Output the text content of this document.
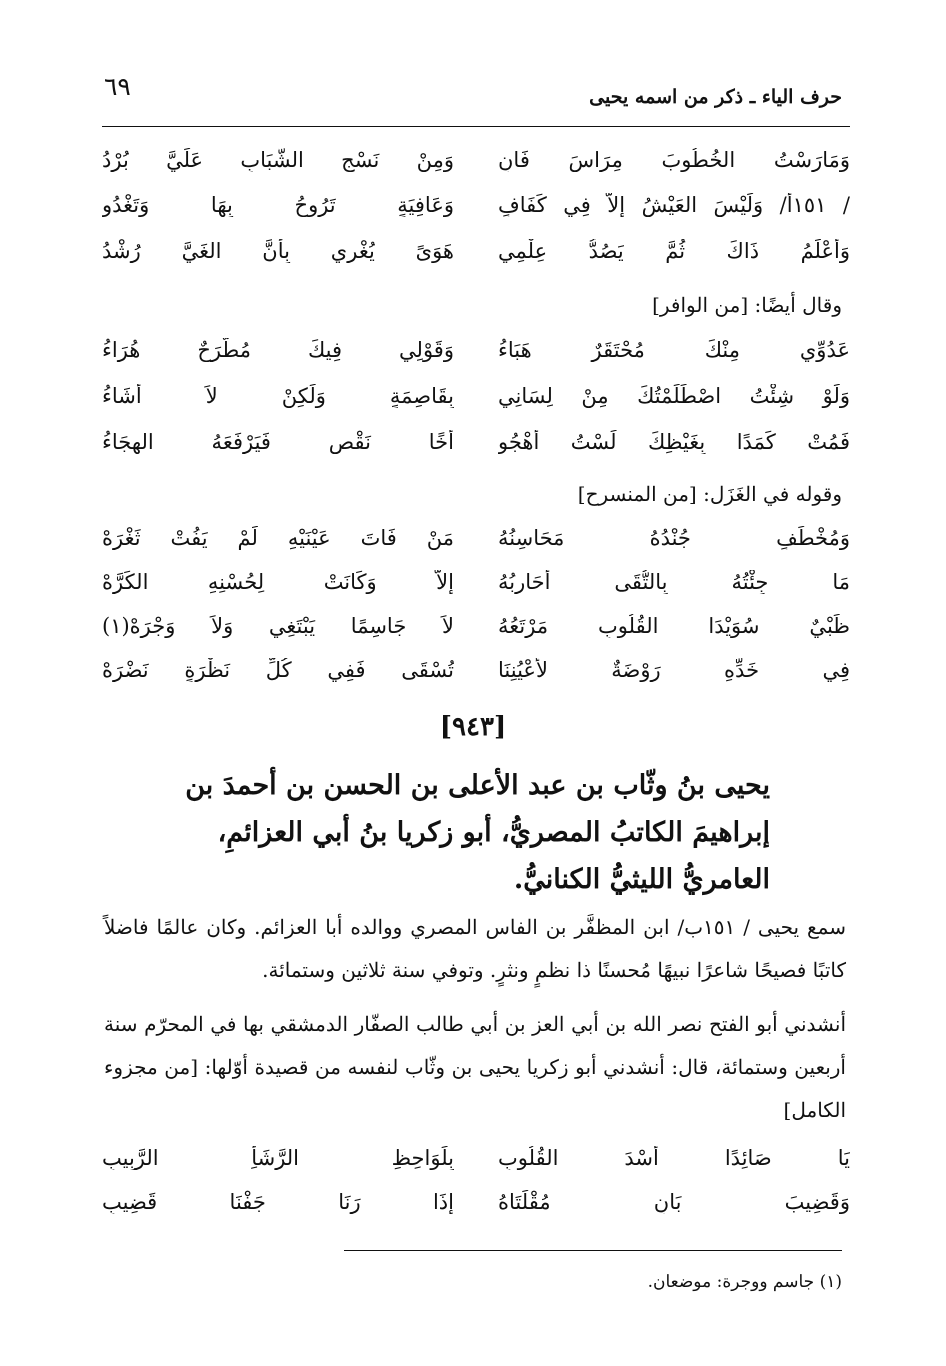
٦٩	حرف الياء ـ ذكر من اسمه يحيى
وَمَارَسْتُ الخُطُوبَ مِرَاسَ فَانٍ
وَمِنْ نَسْجِ الشَّبَابِ عَلَيَّ بُرْدُ
/ ١٥١أ/ وَلَيْسَ العَيْشُ إلاَّ فِي كَفَافٍ
وَعَافِيَةٍ تَرُوحُ بِهَا وَتَغْدُو
وَأَعْلَمُ ذَاكَ ثُمَّ يَصُدُّ عِلْمِي
هَوَىً يُغْرِي بِأَنَّ الغَيَّ رُشْدُ
وقال أيضًا: [من الوافر]
عَدُوِّي مِنْكَ مُحْتَقَرٌ هَبَاءُ
وَقَوْلِي فِيكَ مُطَّرَحٌ هُرَاءُ
وَلَوْ شِئْتُ اصْطَلَمْتُكَ مِنْ لِسَانِي
بِقَاصِمَةٍ وَلَكِنْ لاَ أَشَاءُ
فَمُتْ كَمَدًا بِغَيْظِكَ لَسْتُ أَهْجُو
أَخًا نَقْصٍ فَيَرْفَعَهُ الهِجَاءُ
وقوله في الغَزَل: [من المنسرح]
وَمُخْطَفٍ جُنْدُهُ مَحَاسِنُهُ
مَنْ فَاتَ عَيْنَيْهِ لَمْ يَفُتْ ثَغْرَهْ
مَا جِئْتُهُ بِالتُّقَى أُحَارِبُهُ
إلاَّ وَكَانَتْ لِحُسْنِهِ الكَرَّهْ
ظَبْيٌ سُوَيْدَا القُلُوبِ مَرْتَعُهُ
لاَ جَاسِمًا يَبْتَغِي وَلاَ وَجْرَهْ(١)
فِي خَدِّهِ رَوْضَةٌ لأَعْيُنِنَا
تُسْقَى فَفِي كُلِّ نَظْرَةٍ نَضْرَهْ
[٩٤٣]
يحيى بنُ وثّاب بن عبد الأعلى بن الحسن بن أحمدَ بن إبراهيمَ الكاتبُ المصريُّ، أبو زكريا بنُ أبي العزائمِ، العامريُّ الليثيُّ الكنانيُّ.
سمع يحيى / ١٥١ب/ ابن المظفَّر بن الفاس المصري ووالده أبا العزائم. وكان عالمًا فاضلاً كاتبًا فصيحًا شاعرًا نبيهًا مُحسنًا ذا نظمٍ ونثرٍ. وتوفي سنة ثلاثين وستمائة.
أنشدني أبو الفتح نصر الله بن أبي العز بن أبي طالب الصفّار الدمشقي بها في المحرّم سنة أربعين وستمائة، قال: أنشدني أبو زكريا يحيى بن وثّاب لنفسه من قصيدة أوّلها: [من مجزوء الكامل]
يَا صَائِدًا أُسْدَ القُلُوبِ
بِلَوَاحِظِ الرَّشَأِ الرَّبِيبِ
وَقَضِيبَ بَانٍ مُقْلَتَاهُ
إذَا رَنَا جَفْنَا قَضِيبِ
(١) جاسم ووجرة: موضعان.
